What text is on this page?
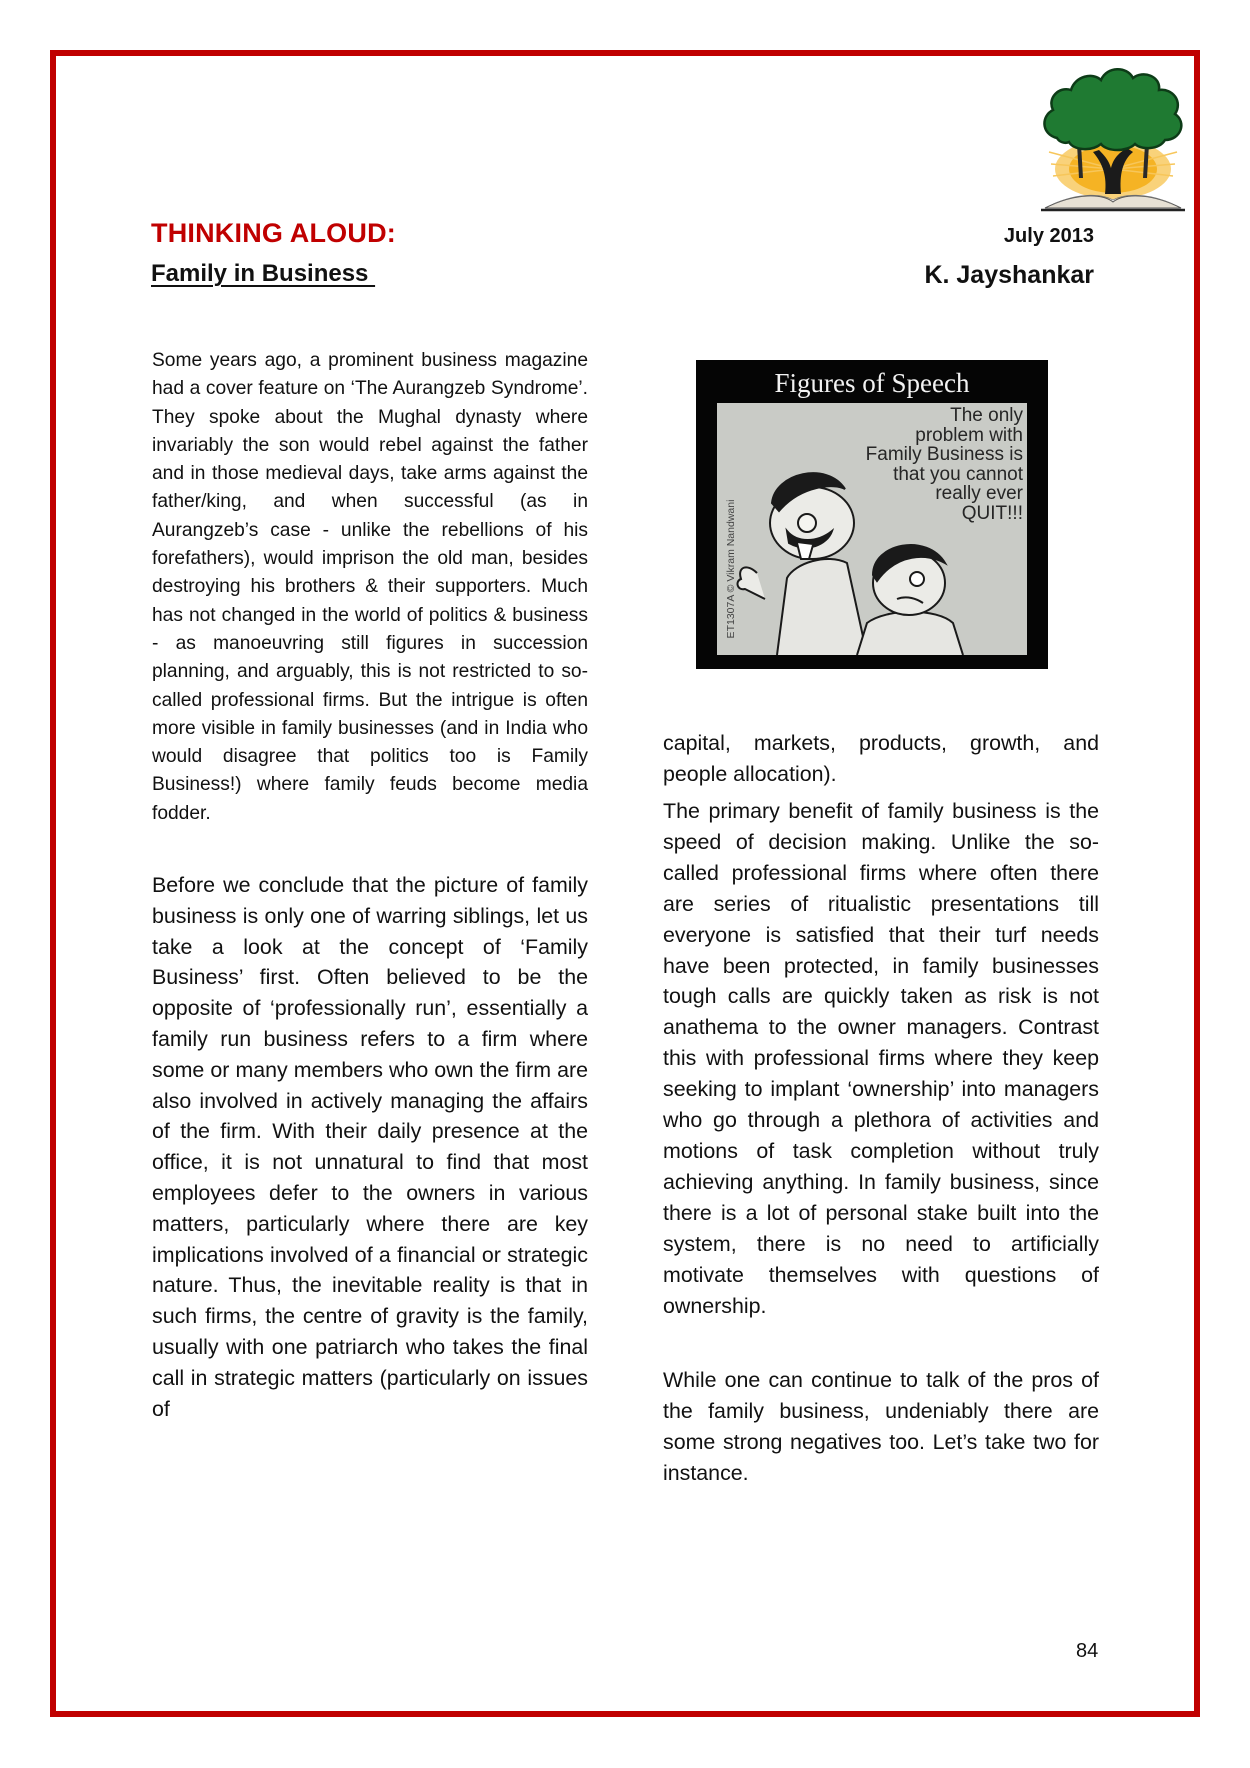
THINKING ALOUD:
Family in Business
July 2013
K. Jayshankar

Some years ago, a prominent business magazine had a cover feature on ‘The Aurangzeb Syndrome’. They spoke about the Mughal dynasty where invariably the son would rebel against the father and in those medieval days, take arms against the father/king, and when successful (as in Aurangzeb’s case - unlike the rebellions of his forefathers), would imprison the old man, besides destroying his brothers & their supporters. Much has not changed in the world of politics & business - as manoeuvring still figures in succession planning, and arguably, this is not restricted to so-called professional firms. But the intrigue is often more visible in family businesses (and in India who would disagree that politics too is Family Business!) where family feuds become media fodder.

Before we conclude that the picture of family business is only one of warring siblings, let us take a look at the concept of ‘Family Business’ first. Often believed to be the opposite of ‘professionally run’, essentially a family run business refers to a firm where some or many members who own the firm are also involved in actively managing the affairs of the firm. With their daily presence at the office, it is not unnatural to find that most employees defer to the owners in various matters, particularly where there are key implications involved of a financial or strategic nature. Thus, the inevitable reality is that in such firms, the centre of gravity is the family, usually with one patriarch who takes the final call in strategic matters (particularly on issues of

Figures of Speech
The only
problem with
Family Business is
that you cannot
really ever
QUIT!!!
ET1307A © Vikram Nandwani

capital, markets, products, growth, and people allocation).

The primary benefit of family business is the speed of decision making. Unlike the so-called professional firms where often there are series of ritualistic presentations till everyone is satisfied that their turf needs have been protected, in family businesses tough calls are quickly taken as risk is not anathema to the owner managers. Contrast this with professional firms where they keep seeking to implant ‘ownership’ into managers who go through a plethora of activities and motions of task completion without truly achieving anything. In family business, since there is a lot of personal stake built into the system, there is no need to artificially motivate themselves with questions of ownership.

While one can continue to talk of the pros of the family business, undeniably there are some strong negatives too. Let’s take two for instance.

84
